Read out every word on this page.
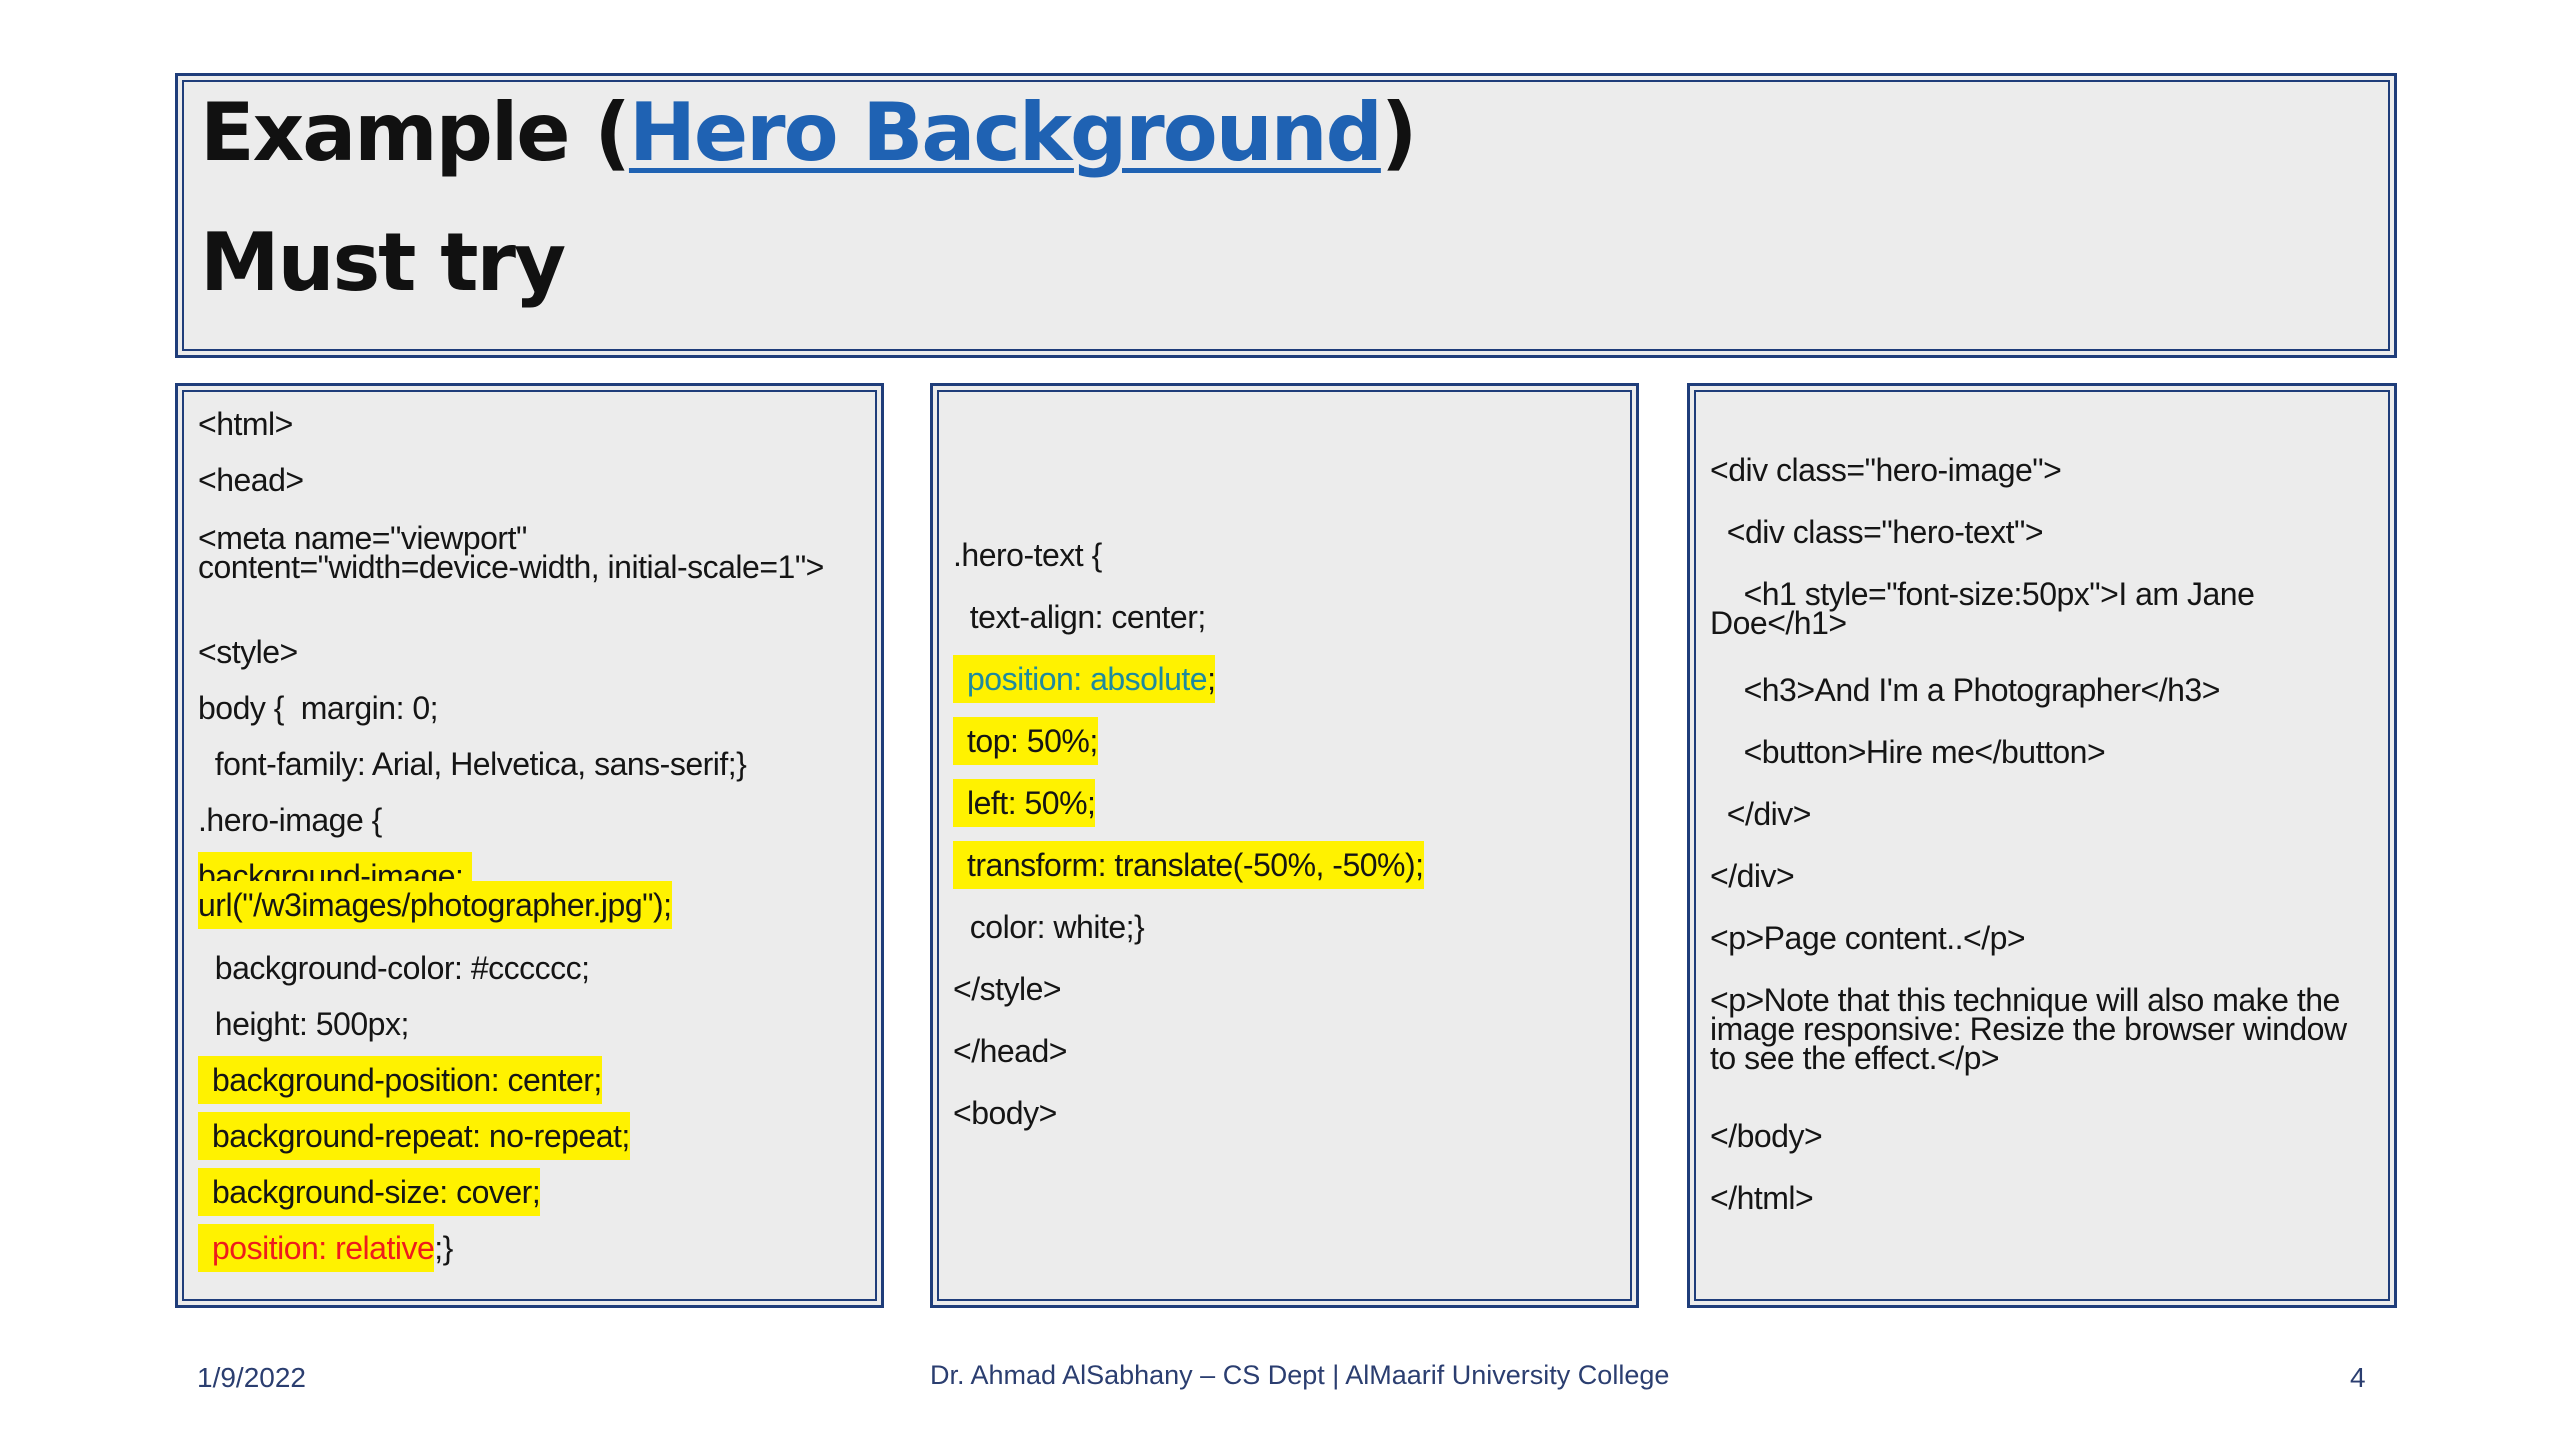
Example (Hero Background)
Must try
<html>
<head>
<meta name="viewport" content="width=device-width, initial-scale=1">
<style>
body {  margin: 0;
font-family: Arial, Helvetica, sans-serif;}
.hero-image {
background-image: url("/w3images/photographer.jpg");
background-color: #cccccc;
height: 500px;
background-position: center;
background-repeat: no-repeat;
background-size: cover;
position: relative;}
.hero-text {
text-align: center;
position: absolute;
top: 50%;
left: 50%;
transform: translate(-50%, -50%);
color: white;}
</style>
</head>
<body>
<div class="hero-image">
<div class="hero-text">
<h1 style="font-size:50px">I am Jane Doe</h1>
<h3>And I'm a Photographer</h3>
<button>Hire me</button>
</div>
</div>
<p>Page content..</p>
<p>Note that this technique will also make the image responsive: Resize the browser window to see the effect.</p>
</body>
</html>
1/9/2022	Dr. Ahmad AlSabhany – CS Dept | AlMaarif University College	4
